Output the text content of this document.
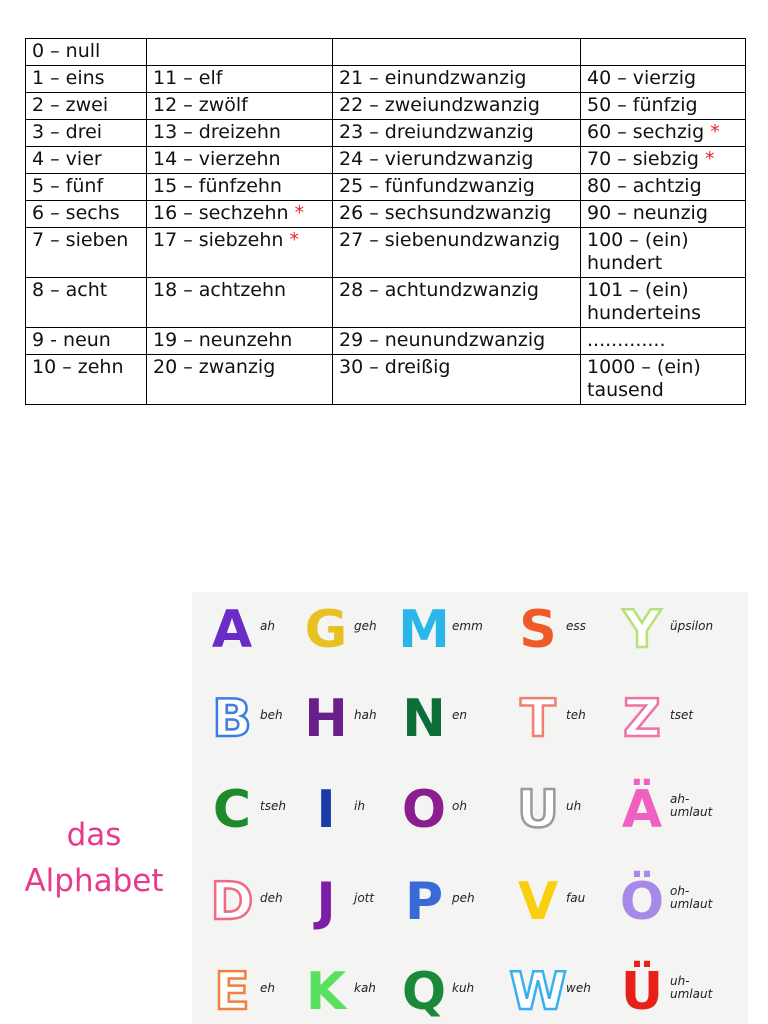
0 – null			
1 – eins	11 – elf	21 – einundzwanzig	40 – vierzig
2 – zwei	12 – zwölf	22 – zweiundzwanzig	50 – fünfzig
3 – drei	13 – dreizehn	23 – dreiundzwanzig	60 – sechzig *
4 – vier	14 – vierzehn	24 – vierundzwanzig	70 – siebzig *
5 – fünf	15 – fünfzehn	25 – fünfundzwanzig	80 – achtzig
6 – sechs	16 – sechzehn *	26 – sechsundzwanzig	90 – neunzig
7 – sieben	17 – siebzehn *	27 – siebenundzwanzig	100 – (ein) hundert
8 – acht	18 – achtzehn	28 – achtundzwanzig	101 – (ein) hunderteins
9 - neun	19 – neunzehn	29 – neunundzwanzig	.............
10 – zehn	20 – zwanzig	30 – dreißig	1000 – (ein) tausend
das
Alphabet
A ah G geh M emm S ess Y üpsilon
B beh H hah N en T teh Z tset
C tseh I	ih O oh U uh Ä ah-
umlaut
D deh J	jott P peh V fau Ö oh-
umlaut
E eh K kah Q kuh W weh Ü uh-
umlaut
